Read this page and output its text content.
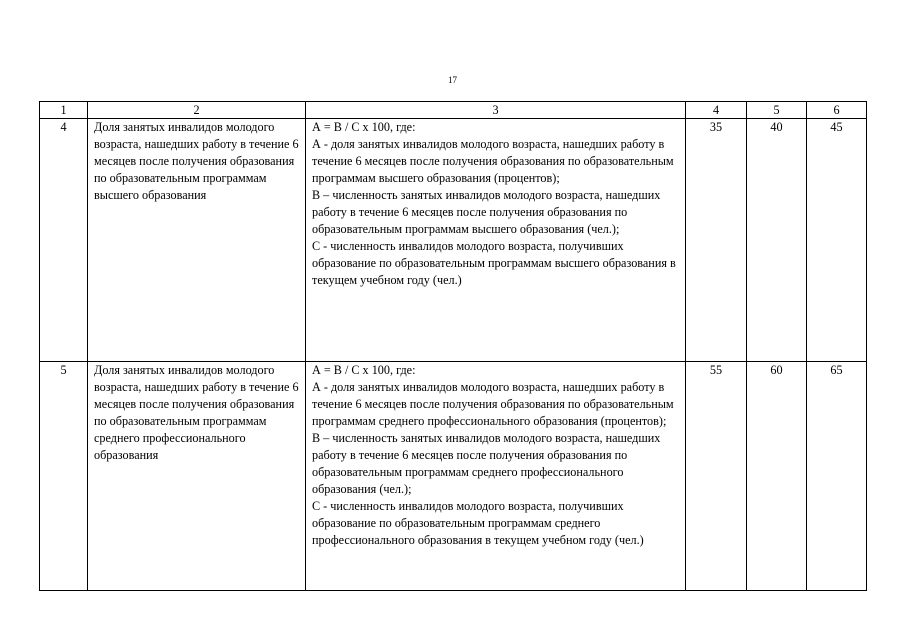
17
1	2	3	4	5	6
4	Доля занятых инвалидов молодого возраста, нашедших работу в течение 6 месяцев после получения образования по образовательным программам высшего образования	А = В / С х 100, где:
А - доля занятых инвалидов молодого возраста, нашедших работу в течение 6 месяцев после получения образования по образовательным программам высшего образования (процентов);
В – численность занятых инвалидов молодого возраста, нашедших работу в течение 6 месяцев после получения образования по образовательным программам высшего образования (чел.);
С - численность инвалидов молодого возраста, получивших образование по образовательным программам высшего образования в текущем учебном году (чел.)	35	40	45
5	Доля занятых инвалидов молодого возраста, нашедших работу в течение 6 месяцев после получения образования по образовательным программам среднего профессионального образования	А = В / С х 100, где:
А - доля занятых инвалидов молодого возраста, нашедших работу в течение 6 месяцев после получения образования по образовательным программам среднего профессионального образования (процентов);
В – численность занятых инвалидов молодого возраста, нашедших работу в течение 6 месяцев после получения образования по образовательным программам среднего профессионального образования (чел.);
С - численность инвалидов молодого возраста, получивших образование по образовательным программам среднего профессионального образования в текущем учебном году (чел.)	55	60	65
